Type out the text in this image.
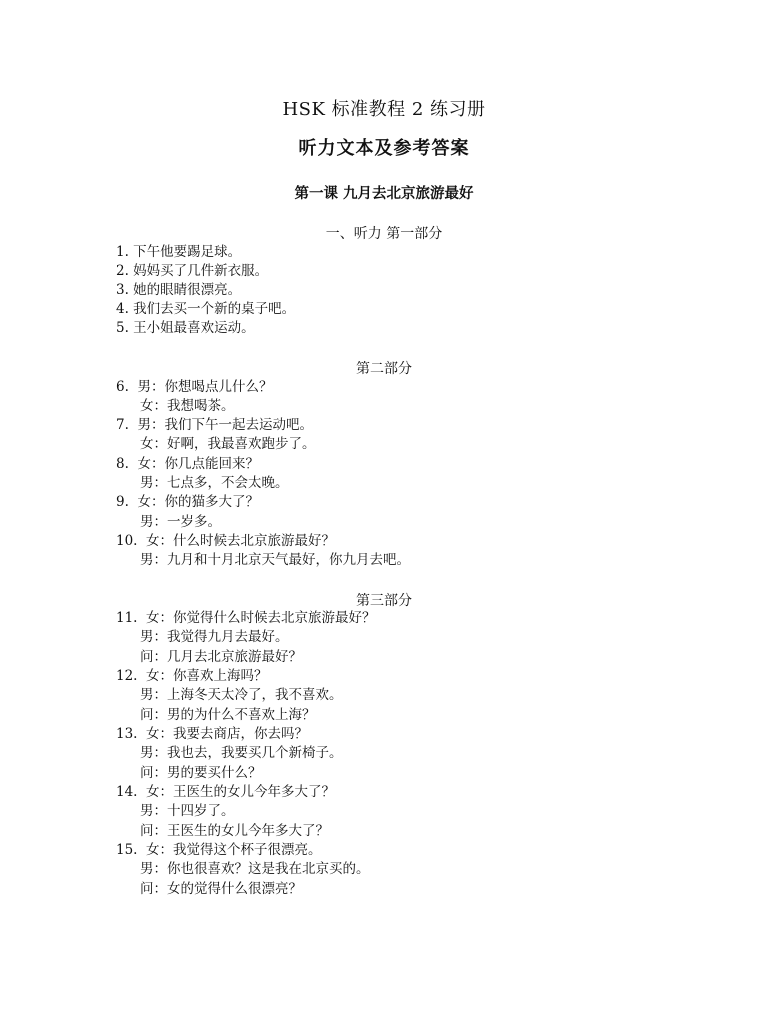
HSK 标准教程 2 练习册
听力文本及参考答案
第一课 九月去北京旅游最好
一、听力 第一部分
1. 下午他要踢足球。
2. 妈妈买了几件新衣服。
3. 她的眼睛很漂亮。
4. 我们去买一个新的桌子吧。
5. 王小姐最喜欢运动。
第二部分
6.  男：你想喝点儿什么？
女：我想喝茶。
7.  男：我们下午一起去运动吧。
女：好啊，我最喜欢跑步了。
8.  女：你几点能回来？
男：七点多，不会太晚。
9.  女：你的猫多大了？
男：一岁多。
10.  女：什么时候去北京旅游最好？
男：九月和十月北京天气最好，你九月去吧。
第三部分
11.  女：你觉得什么时候去北京旅游最好？
男：我觉得九月去最好。
问：几月去北京旅游最好？
12.  女：你喜欢上海吗？
男：上海冬天太冷了，我不喜欢。
问：男的为什么不喜欢上海？
13.  女：我要去商店，你去吗？
男：我也去，我要买几个新椅子。
问：男的要买什么？
14.  女：王医生的女儿今年多大了？
男：十四岁了。
问：王医生的女儿今年多大了？
15.  女：我觉得这个杯子很漂亮。
男：你也很喜欢？这是我在北京买的。
问：女的觉得什么很漂亮？
